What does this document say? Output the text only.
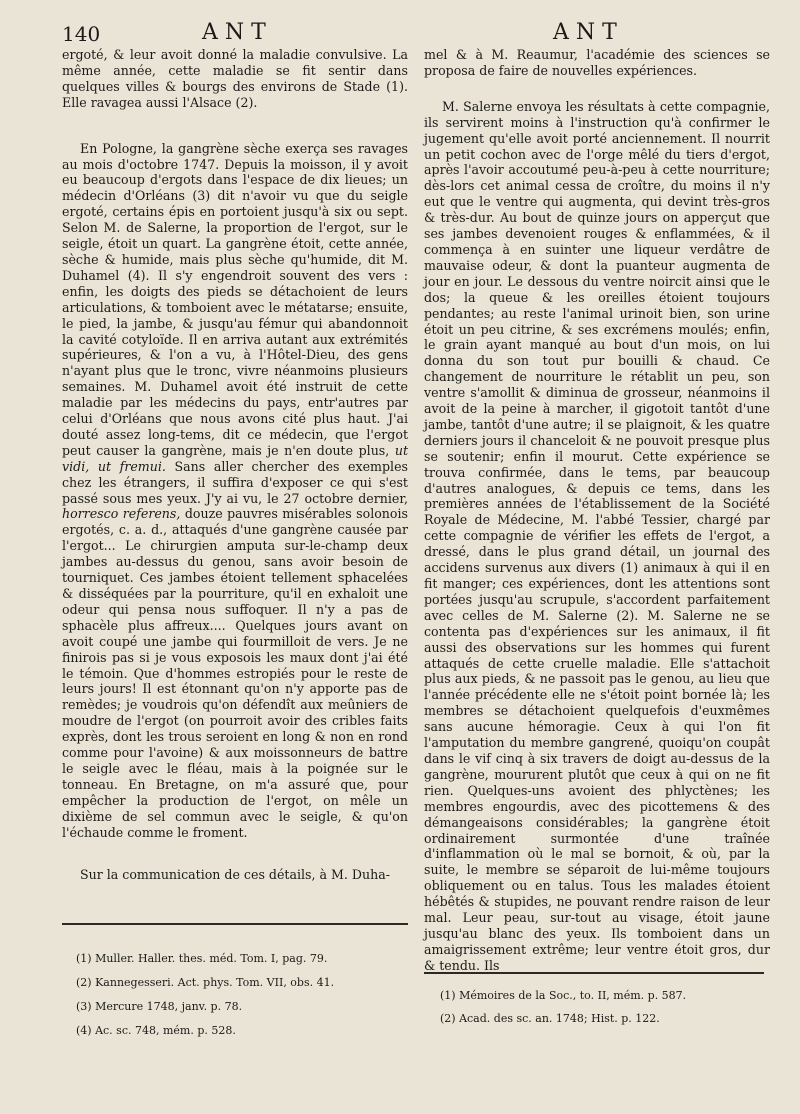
140	ANT	ANT

ergoté, & leur avoit donné la maladie convulsive. La même année, cette maladie se fit sentir dans quelques villes & bourgs des environs de Stade (1). Elle ravagea aussi l'Alsace (2).

En Pologne, la gangrène sèche exerça ses ravages au mois d'octobre 1747. Depuis la moisson, il y avoit eu beaucoup d'ergots dans l'espace de dix lieues; un médecin d'Orléans (3) dit n'avoir vu que du seigle ergoté, certains épis en portoient jusqu'à six ou sept. Selon M. de Salerne, la proportion de l'ergot, sur le seigle, étoit un quart. La gangrène étoit, cette année, sèche & humide, mais plus sèche qu'humide, dit M. Duhamel (4). Il s'y engendroit souvent des vers : enfin, les doigts des pieds se détachoient de leurs articulations, & tomboient avec le métatarse; ensuite, le pied, la jambe, & jusqu'au fémur qui abandonnoit la cavité cotyloïde. Il en arriva autant aux extrémités supérieures, & l'on a vu, à l'Hôtel-Dieu, des gens n'ayant plus que le tronc, vivre néanmoins plusieurs semaines. M. Duhamel avoit été instruit de cette maladie par les médecins du pays, entr'autres par celui d'Orléans que nous avons cité plus haut. J'ai douté assez long-tems, dit ce médecin, que l'ergot peut causer la gangrène, mais je n'en doute plus, ut vidi, ut fremui. Sans aller chercher des exemples chez les étrangers, il suffira d'exposer ce qui s'est passé sous mes yeux. J'y ai vu, le 27 octobre dernier, horresco referens, douze pauvres misérables solonois ergotés, c. a. d., attaqués d'une gangrène causée par l'ergot... Le chirurgien amputa sur-le-champ deux jambes au-dessus du genou, sans avoir besoin de tourniquet. Ces jambes étoient tellement sphacelées & disséquées par la pourriture, qu'il en exhaloit une odeur qui pensa nous suffoquer. Il n'y a pas de sphacèle plus affreux.... Quelques jours avant on avoit coupé une jambe qui fourmilloit de vers. Je ne finirois pas si je vous exposois les maux dont j'ai été le témoin. Que d'hommes estropiés pour le reste de leurs jours! Il est étonnant qu'on n'y apporte pas de remèdes; je voudrois qu'on défendît aux meûniers de moudre de l'ergot (on pourroit avoir des cribles faits exprès, dont les trous seroient en long & non en rond comme pour l'avoine) & aux moissonneurs de battre le seigle avec le fléau, mais à la poignée sur le tonneau. En Bretagne, on m'a assuré que, pour empêcher la production de l'ergot, on mêle un dixième de sel commun avec le seigle, & qu'on l'échaude comme le froment.

Sur la communication de ces détails, à M. Duha-

mel & à M. Reaumur, l'académie des sciences se proposa de faire de nouvelles expériences.

M. Salerne envoya les résultats à cette compagnie, ils servirent moins à l'instruction qu'à confirmer le jugement qu'elle avoit porté anciennement. Il nourrit un petit cochon avec de l'orge mêlé du tiers d'ergot, après l'avoir accoutumé peu-à-peu à cette nourriture; dès-lors cet animal cessa de croître, du moins il n'y eut que le ventre qui augmenta, qui devint très-gros & très-dur. Au bout de quinze jours on apperçut que ses jambes devenoient rouges & enflammées, & il commença à en suinter une liqueur verdâtre de mauvaise odeur, & dont la puanteur augmenta de jour en jour. Le dessous du ventre noircit ainsi que le dos; la queue & les oreilles étoient toujours pendantes; au reste l'animal urinoit bien, son urine étoit un peu citrine, & ses excrémens moulés; enfin, le grain ayant manqué au bout d'un mois, on lui donna du son tout pur bouilli & chaud. Ce changement de nourriture le rétablit un peu, son ventre s'amollit & diminua de grosseur, néanmoins il avoit de la peine à marcher, il gigotoit tantôt d'une jambe, tantôt d'une autre; il se plaignoit, & les quatre derniers jours il chanceloit & ne pouvoit presque plus se soutenir; enfin il mourut. Cette expérience se trouva confirmée, dans le tems, par beaucoup d'autres analogues, & depuis ce tems, dans les premières années de l'établissement de la Société Royale de Médecine, M. l'abbé Tessier, chargé par cette compagnie de vérifier les effets de l'ergot, a dressé, dans le plus grand détail, un journal des accidens survenus aux divers (1) animaux à qui il en fit manger; ces expériences, dont les attentions sont portées jusqu'au scrupule, s'accordent parfaitement avec celles de M. Salerne (2). M. Salerne ne se contenta pas d'expériences sur les animaux, il fit aussi des observations sur les hommes qui furent attaqués de cette cruelle maladie. Elle s'attachoit plus aux pieds, & ne passoit pas le genou, au lieu que l'année précédente elle ne s'étoit point bornée là; les membres se détachoient quelquefois d'euxmêmes sans aucune hémoragie. Ceux à qui l'on fit l'amputation du membre gangrené, quoiqu'on coupât dans le vif cinq à six travers de doigt au-dessus de la gangrène, moururent plutôt que ceux à qui on ne fit rien. Quelques-uns avoient des phlyctènes; les membres engourdis, avec des picottemens & des démangeaisons considérables; la gangrène étoit ordinairement surmontée d'une traînée d'inflammation où le mal se bornoit, & où, par la suite, le membre se séparoit de lui-même toujours obliquement ou en talus. Tous les malades étoient hébêtés & stupides, ne pouvant rendre raison de leur mal. Leur peau, sur-tout au visage, étoit jaune jusqu'au blanc des yeux. Ils tomboient dans un amaigrissement extrême; leur ventre étoit gros, dur & tendu. Ils

(1) Muller. Haller. thes. méd. Tom. I, pag. 79.
(2) Kannegesseri. Act. phys. Tom. VII, obs. 41.
(3) Mercure 1748, janv. p. 78.
(4) Ac. sc. 748, mém. p. 528.
(1) Mémoires de la Soc., to. II, mém. p. 587.
(2) Acad. des sc. an. 1748; Hist. p. 122.
